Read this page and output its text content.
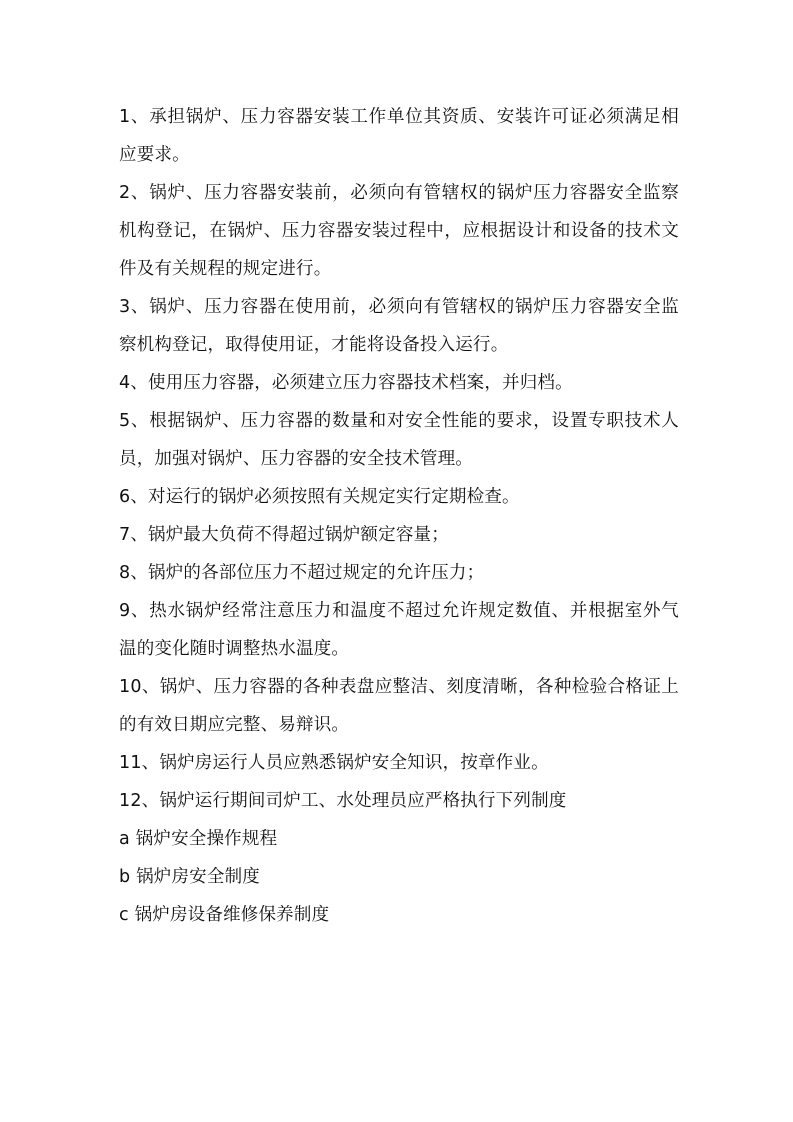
1、承担锅炉、压力容器安装工作单位其资质、安装许可证必须满足相应要求。

2、锅炉、压力容器安装前，必须向有管辖权的锅炉压力容器安全监察机构登记，在锅炉、压力容器安装过程中，应根据设计和设备的技术文件及有关规程的规定进行。

3、锅炉、压力容器在使用前，必须向有管辖权的锅炉压力容器安全监察机构登记，取得使用证，才能将设备投入运行。

4、使用压力容器，必须建立压力容器技术档案，并归档。

5、根据锅炉、压力容器的数量和对安全性能的要求，设置专职技术人员，加强对锅炉、压力容器的安全技术管理。

6、对运行的锅炉必须按照有关规定实行定期检查。

7、锅炉最大负荷不得超过锅炉额定容量；

8、锅炉的各部位压力不超过规定的允许压力；

9、热水锅炉经常注意压力和温度不超过允许规定数值、并根据室外气温的变化随时调整热水温度。

10、锅炉、压力容器的各种表盘应整洁、刻度清晰，各种检验合格证上的有效日期应完整、易辩识。

11、锅炉房运行人员应熟悉锅炉安全知识，按章作业。

12、锅炉运行期间司炉工、水处理员应严格执行下列制度

a 锅炉安全操作规程

b 锅炉房安全制度

c 锅炉房设备维修保养制度
